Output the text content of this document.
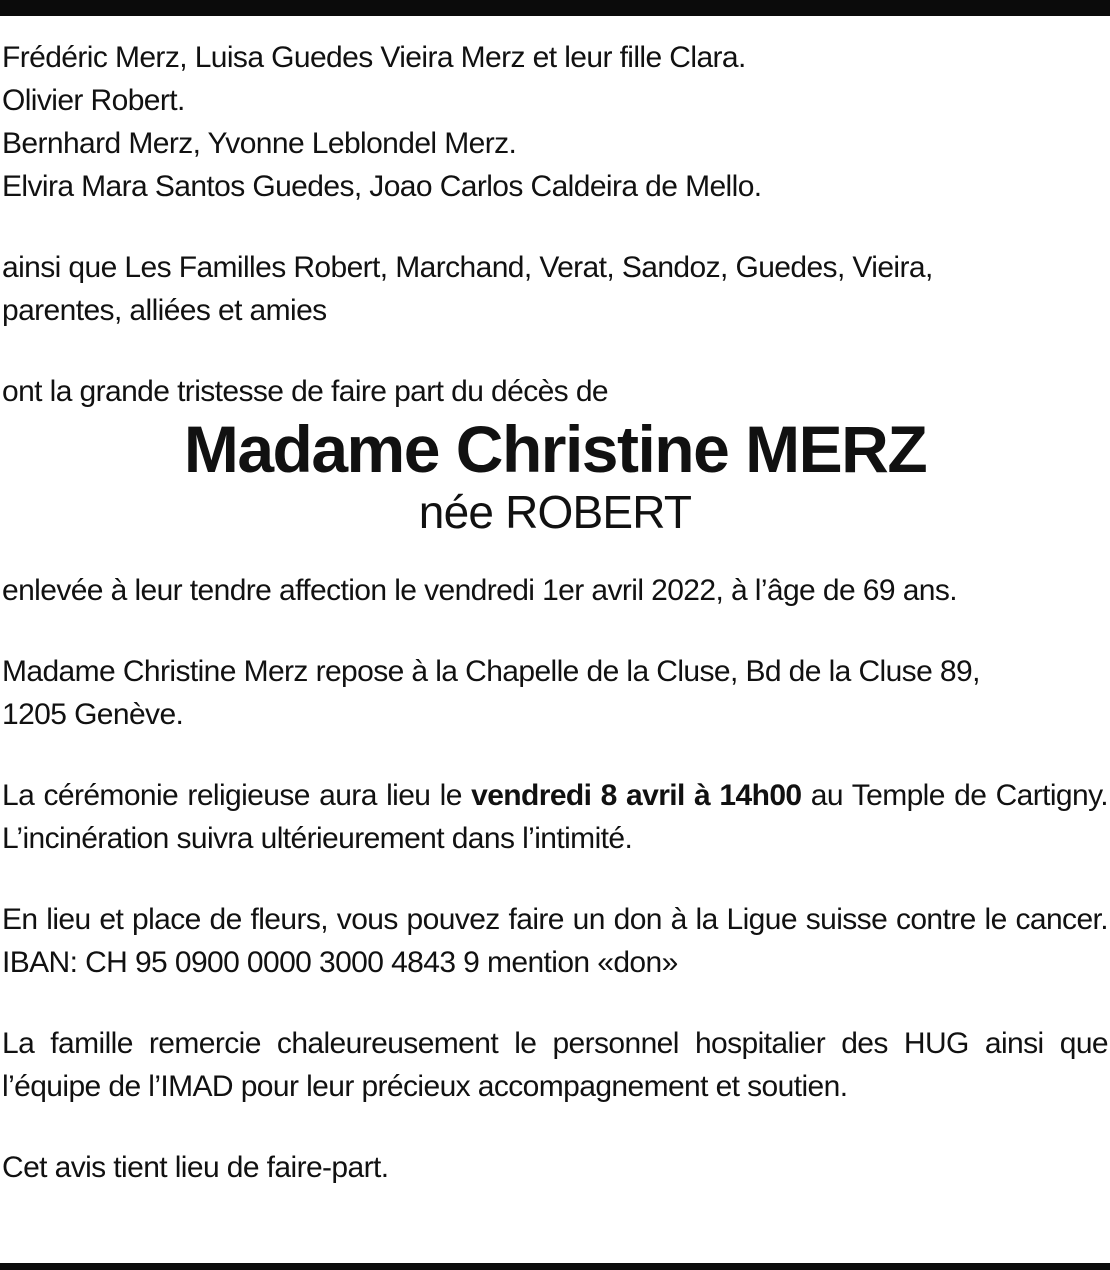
Frédéric Merz, Luisa Guedes Vieira Merz et leur fille Clara.

Olivier Robert.

Bernhard Merz, Yvonne Leblondel Merz.

Elvira Mara Santos Guedes, Joao Carlos Caldeira de Mello.

ainsi que Les Familles Robert, Marchand, Verat, Sandoz, Guedes, Vieira,

parentes, alliées et amies

ont la grande tristesse de faire part du décès de

Madame Christine MERZ

née ROBERT

enlevée à leur tendre affection le vendredi 1er avril 2022, à l’âge de 69 ans.

Madame Christine Merz repose à la Chapelle de la Cluse, Bd de la Cluse 89,

1205 Genève.

La cérémonie religieuse aura lieu le vendredi 8 avril à 14h00 au Temple de Cartigny. L’incinération suivra ultérieurement dans l’intimité.

En lieu et place de fleurs, vous pouvez faire un don à la Ligue suisse contre le cancer. IBAN: CH 95 0900 0000 3000 4843 9 mention «don»

La famille remercie chaleureusement le personnel hospitalier des HUG ainsi que l’équipe de l’IMAD pour leur précieux accompagnement et soutien.

Cet avis tient lieu de faire-part.
